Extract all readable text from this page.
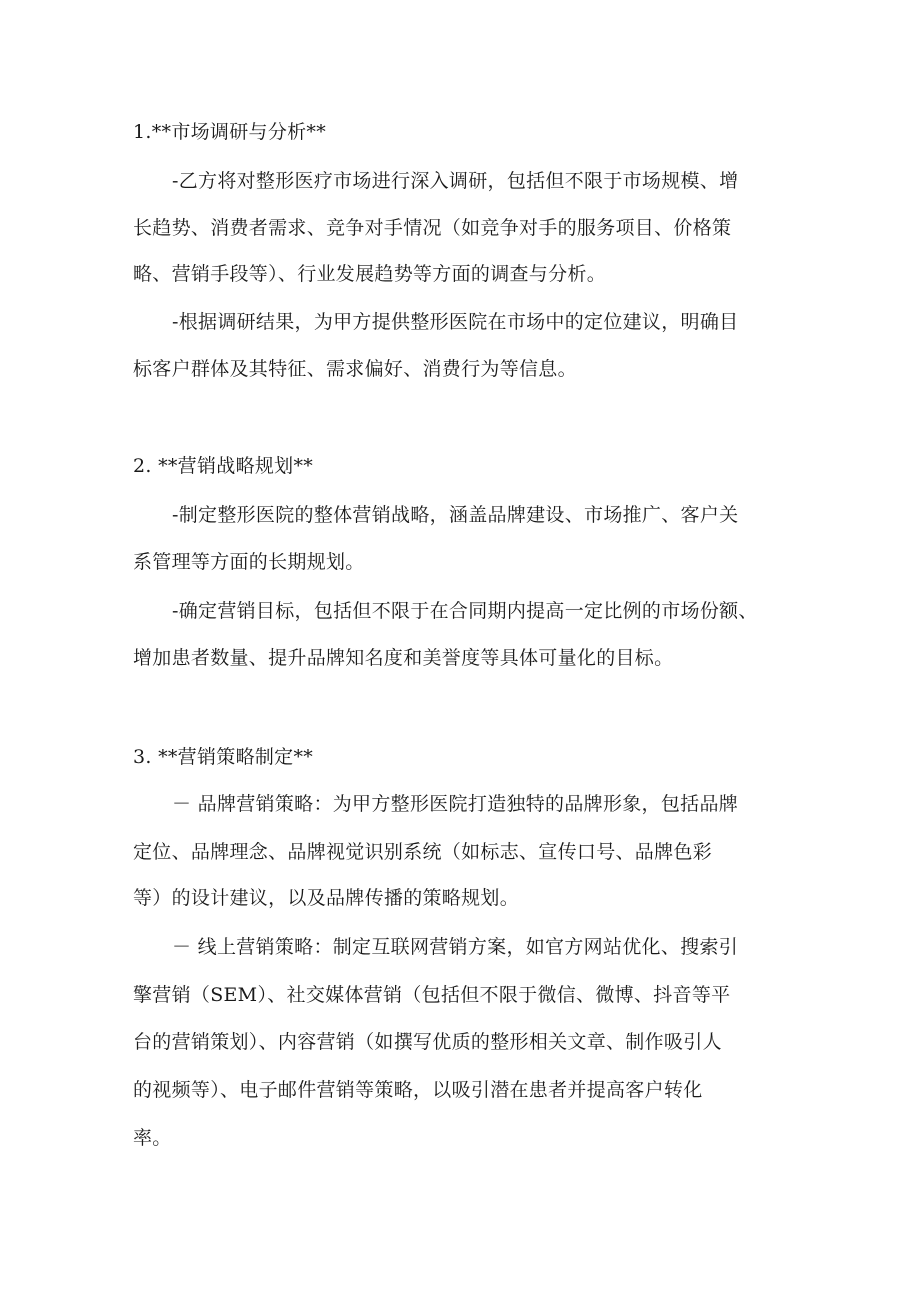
1.**市场调研与分析**
-乙方将对整形医疗市场进行深入调研，包括但不限于市场规模、增
长趋势、消费者需求、竞争对手情况（如竞争对手的服务项目、价格策
略、营销手段等）、行业发展趋势等方面的调查与分析。
-根据调研结果，为甲方提供整形医院在市场中的定位建议，明确目
标客户群体及其特征、需求偏好、消费行为等信息。
2. **营销战略规划**
-制定整形医院的整体营销战略，涵盖品牌建设、市场推广、客户关
系管理等方面的长期规划。
-确定营销目标，包括但不限于在合同期内提高一定比例的市场份额、
增加患者数量、提升品牌知名度和美誉度等具体可量化的目标。
3. **营销策略制定**
－ 品牌营销策略：为甲方整形医院打造独特的品牌形象，包括品牌
定位、品牌理念、品牌视觉识别系统（如标志、宣传口号、品牌色彩
等）的设计建议，以及品牌传播的策略规划。
－ 线上营销策略：制定互联网营销方案，如官方网站优化、搜索引
擎营销（SEM）、社交媒体营销（包括但不限于微信、微博、抖音等平
台的营销策划）、内容营销（如撰写优质的整形相关文章、制作吸引人
的视频等）、电子邮件营销等策略，以吸引潜在患者并提高客户转化
率。
